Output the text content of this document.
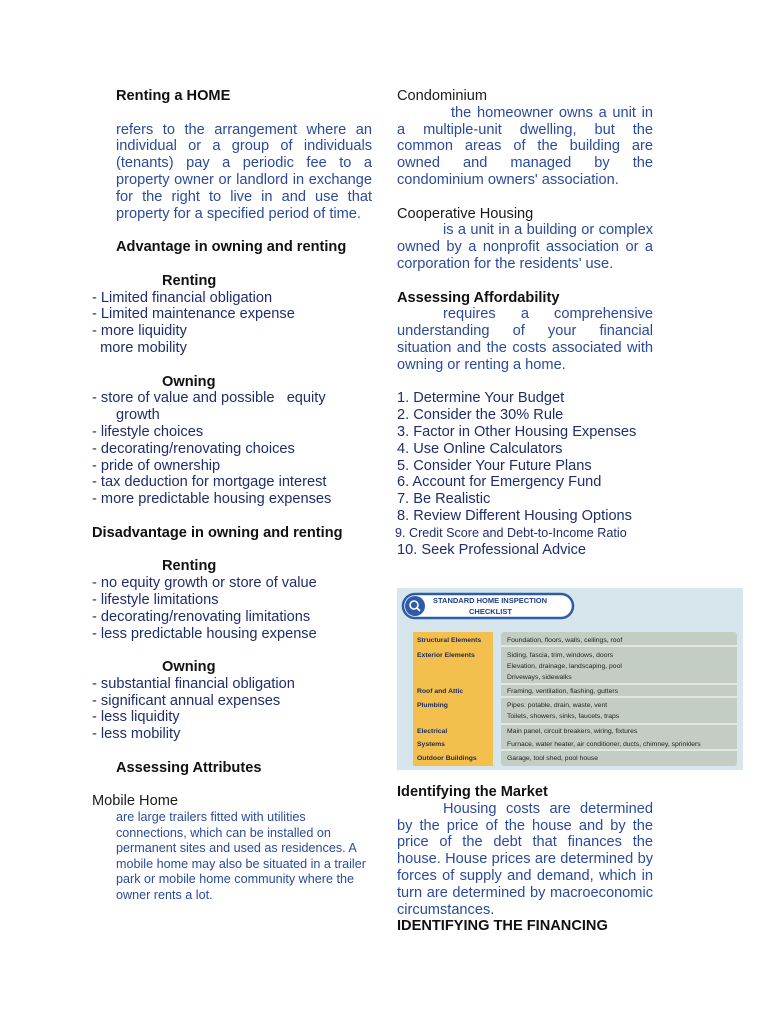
Renting a HOME

refers to the arrangement where an individual or a group of individuals (tenants) pay a periodic fee to a property owner or landlord in exchange for the right to live in and use that property for a specified period of time.

Advantage in owning and renting

Renting

- Limited financial obligation

- Limited maintenance expense

- more liquidity

more mobility

Owning

- store of value and possible   equity

growth

- lifestyle choices

- decorating/renovating choices

- pride of ownership

- tax deduction for mortgage interest

- more predictable housing expenses

Disadvantage in owning and renting

Renting

- no equity growth or store of value

- lifestyle limitations

- decorating/renovating limitations

- less predictable housing expense

Owning

- substantial financial obligation

- significant annual expenses

- less liquidity

- less mobility

Assessing Attributes

Mobile Home

are large trailers fitted with utilities connections, which can be installed on permanent sites and used as residences. A mobile home may also be situated in a trailer park or mobile home community where the owner rents a lot.

Condominium

the homeowner owns a unit in a multiple-unit dwelling, but the common areas of the building are owned and managed by the condominium owners' association.

Cooperative Housing

is a unit in a building or complex owned by a nonprofit association or a corporation for the residents' use.

Assessing Affordability

requires a comprehensive understanding of your financial situation and the costs associated with owning or renting a home.

1. Determine Your Budget

2. Consider the 30% Rule

3. Factor in Other Housing Expenses

4. Use Online Calculators

5. Consider Your Future Plans

6. Account for Emergency Fund

7. Be Realistic

8. Review Different Housing Options

9. Credit Score and Debt-to-Income Ratio

10. Seek Professional Advice

STANDARD HOME INSPECTION
CHECKLIST
Structural Elements
Exterior Elements
Roof and Attic
Plumbing
Electrical
Systems
Outdoor Buildings
Foundation, floors, walls, ceilings, roof
Siding, fascia, trim, windows, doors
Elevation, drainage, landscaping, pool
Driveways, sidewalks
Framing, ventilation, flashing, gutters
Pipes: potable, drain, waste, vent
Toilets, showers, sinks, faucets, traps
Main panel, circuit breakers, wiring, fixtures
Furnace, water heater, air conditioner, ducts, chimney, sprinklers
Garage, tool shed, pool house

Identifying the Market

Housing costs are determined by the price of the house and by the price of the debt that finances the house. House prices are determined by forces of supply and demand, which in turn are determined by macroeconomic circumstances.

IDENTIFYING THE FINANCING
